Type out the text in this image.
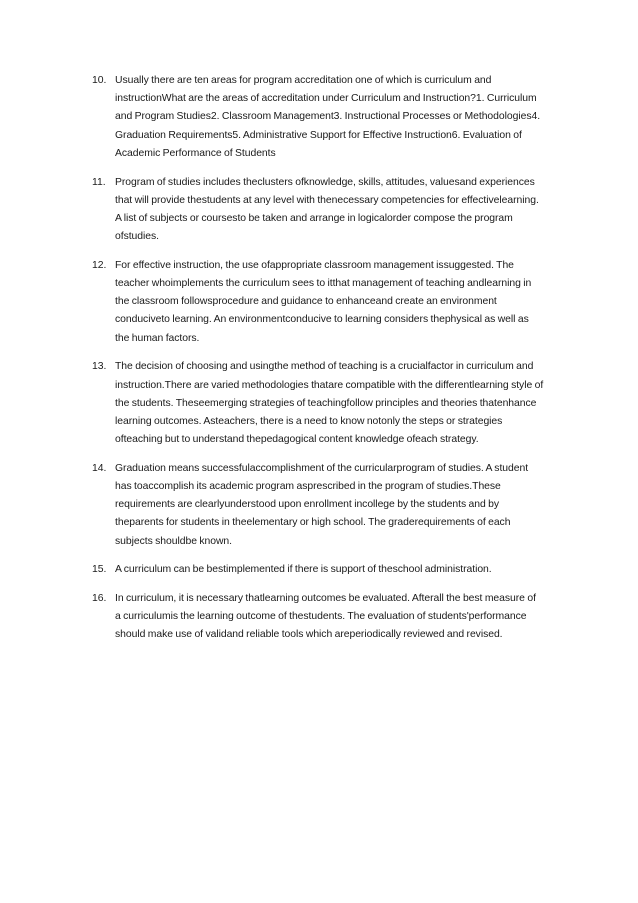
10. Usually there are ten areas for program accreditation one of which is curriculum and instructionWhat are the areas of accreditation under Curriculum and Instruction?1. Curriculum and Program Studies2. Classroom Management3. Instructional Processes or Methodologies4. Graduation Requirements5. Administrative Support for Effective Instruction6. Evaluation of Academic Performance of Students
11. Program of studies includes theclusters ofknowledge, skills, attitudes, valuesand experiences that will provide thestudents at any level with thenecessary competencies for effectivelearning. A list of subjects or coursesto be taken and arrange in logicalorder compose the program ofstudies.
12. For effective instruction, the use ofappropriate classroom management issuggested. The teacher whoimplements the curriculum sees to itthat management of teaching andlearning in the classroom followsprocedure and guidance to enhanceand create an environment conduciveto learning. An environmentconducive to learning considers thephysical as well as the human factors.
13. The decision of choosing and usingthe method of teaching is a crucialfactor in curriculum and instruction.There are varied methodologies thatare compatible with the differentlearning style of the students. Theseemerging strategies of teachingfollow principles and theories thatenhance learning outcomes. Asteachers, there is a need to know notonly the steps or strategies ofteaching but to understand thepedagogical content knowledge ofeach strategy.
14. Graduation means successfulaccomplishment of the curricularprogram of studies. A student has toaccomplish its academic program asprescribed in the program of studies.These requirements are clearlyunderstood upon enrollment incollege by the students and by theparents for students in theelementary or high school. The graderequirements of each subjects shouldbe known.
15. A curriculum can be bestimplemented if there is support of theschool administration.
16. In curriculum, it is necessary thatlearning outcomes be evaluated. Afterall the best measure of a curriculumis the learning outcome of thestudents. The evaluation of students'performance should make use of validand reliable tools which areperiodically reviewed and revised.
